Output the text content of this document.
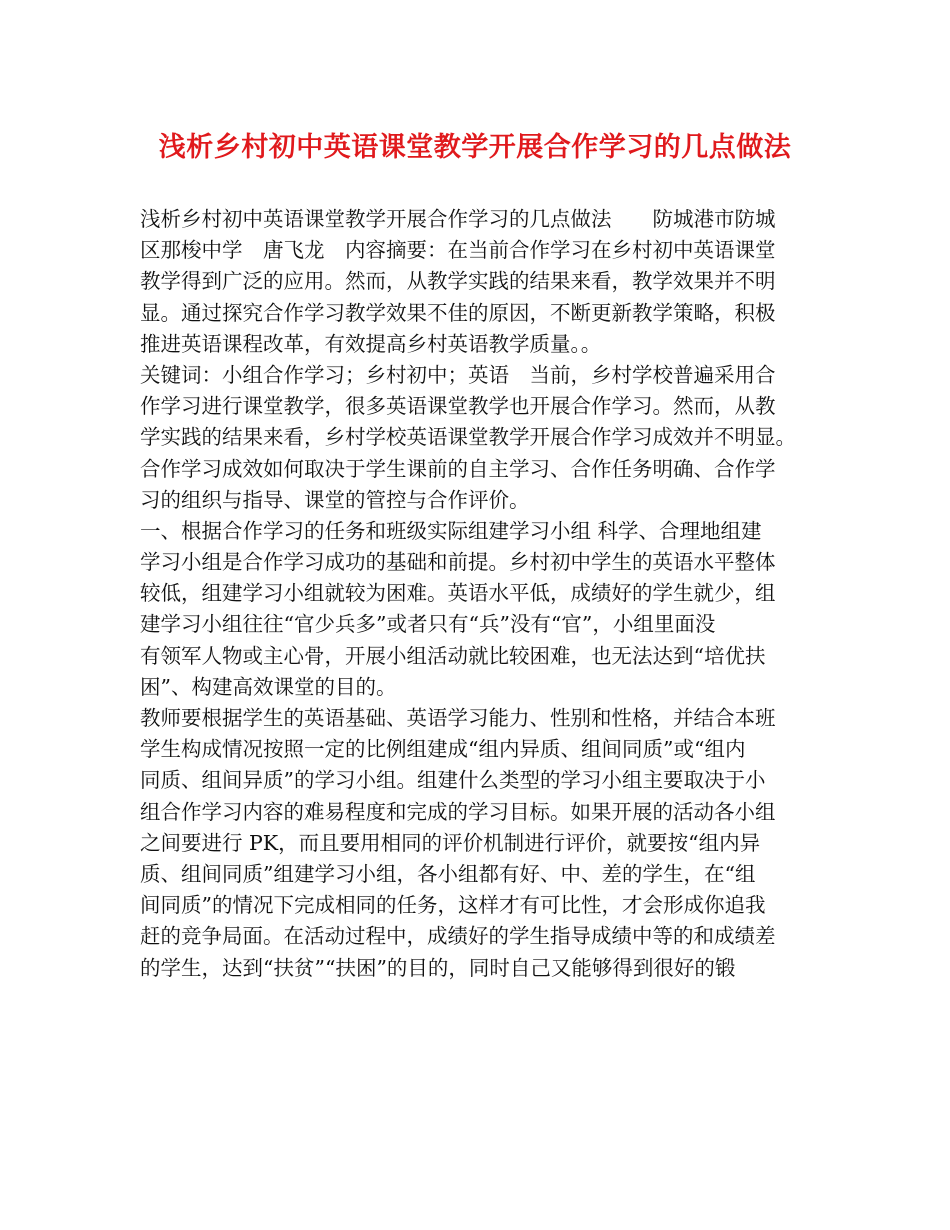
浅析乡村初中英语课堂教学开展合作学习的几点做法
浅析乡村初中英语课堂教学开展合作学习的几点做法　　防城港市防城
区那梭中学　唐飞龙　内容摘要：在当前合作学习在乡村初中英语课堂
教学得到广泛的应用。然而，从教学实践的结果来看，教学效果并不明
显。通过探究合作学习教学效果不佳的原因，不断更新教学策略，积极
推进英语课程改革，有效提高乡村英语教学质量。。
关键词：小组合作学习；乡村初中；英语　当前，乡村学校普遍采用合
作学习进行课堂教学，很多英语课堂教学也开展合作学习。然而，从教
学实践的结果来看，乡村学校英语课堂教学开展合作学习成效并不明显。
合作学习成效如何取决于学生课前的自主学习、合作任务明确、合作学
习的组织与指导、课堂的管控与合作评价。
一、根据合作学习的任务和班级实际组建学习小组 科学、合理地组建
学习小组是合作学习成功的基础和前提。乡村初中学生的英语水平整体
较低，组建学习小组就较为困难。英语水平低，成绩好的学生就少，组
建学习小组往往“官少兵多”或者只有“兵”没有“官”，小组里面没
有领军人物或主心骨，开展小组活动就比较困难，也无法达到“培优扶
困”、构建高效课堂的目的。
教师要根据学生的英语基础、英语学习能力、性别和性格，并结合本班
学生构成情况按照一定的比例组建成“组内异质、组间同质”或“组内
同质、组间异质”的学习小组。组建什么类型的学习小组主要取决于小
组合作学习内容的难易程度和完成的学习目标。如果开展的活动各小组
之间要进行 PK，而且要用相同的评价机制进行评价，就要按“组内异
质、组间同质”组建学习小组，各小组都有好、中、差的学生，在“组
间同质”的情况下完成相同的任务，这样才有可比性，才会形成你追我
赶的竞争局面。在活动过程中，成绩好的学生指导成绩中等的和成绩差
的学生，达到“扶贫”“扶困”的目的，同时自己又能够得到很好的锻
